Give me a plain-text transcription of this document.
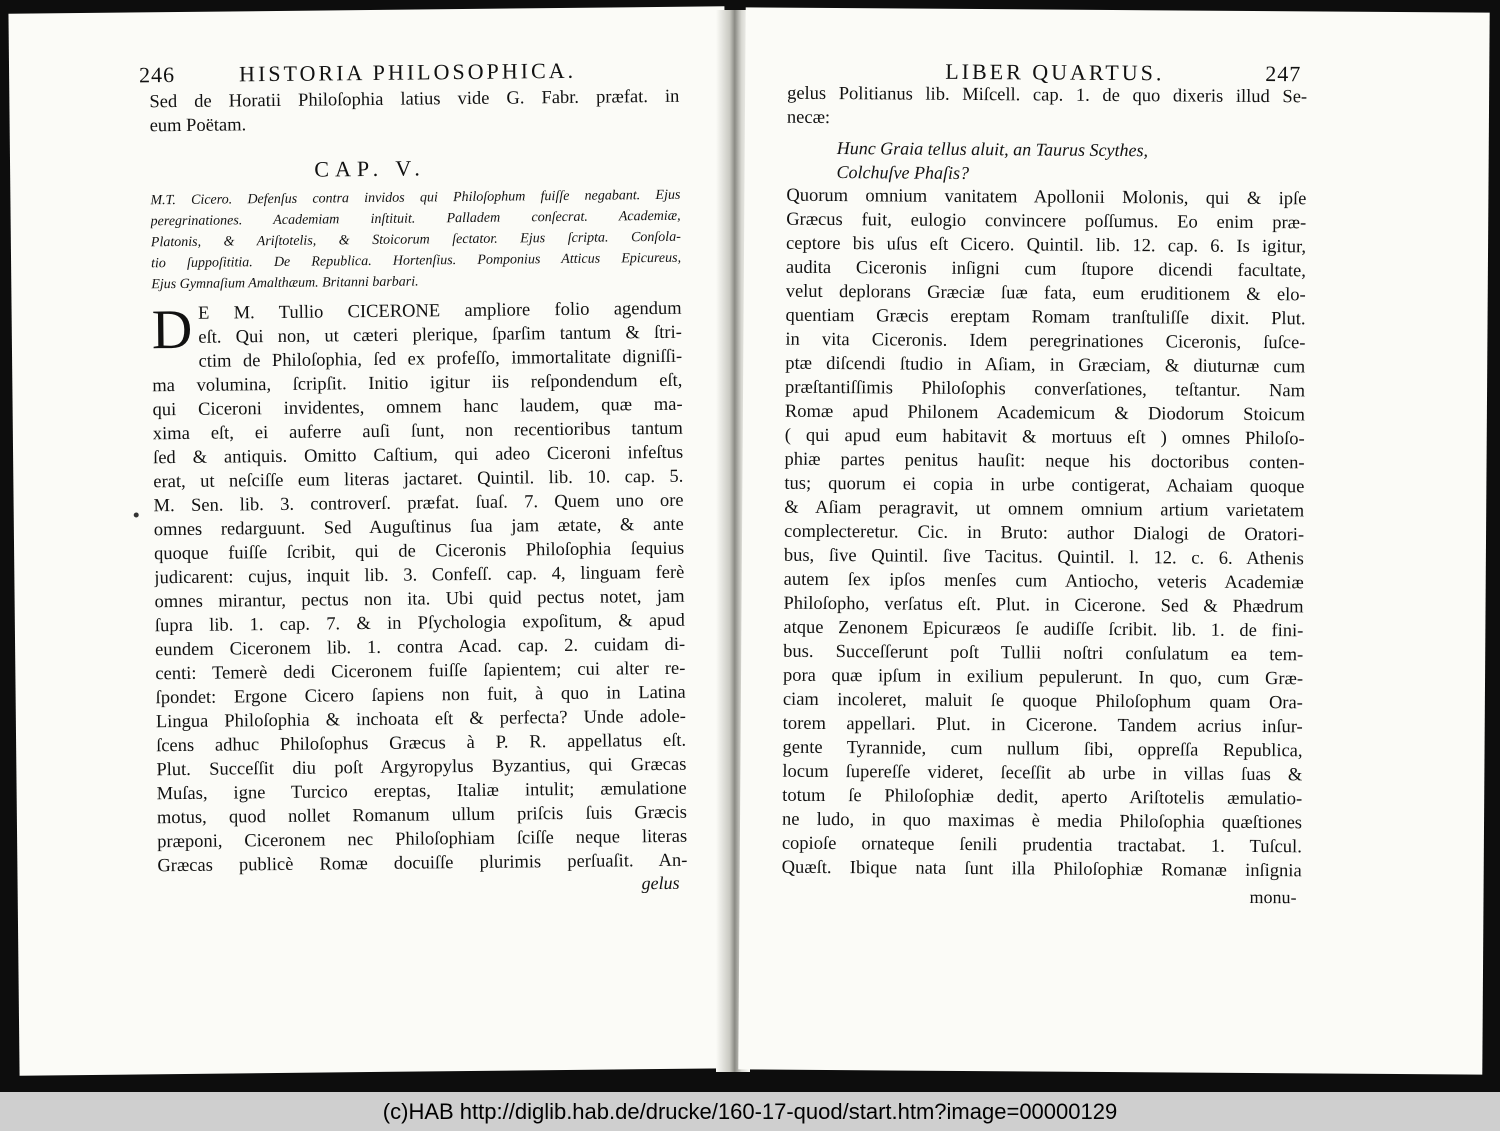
246	HISTORIA PHILOSOPHICA.
Sed de Horatii Philoſophia latius vide G. Fabr. præfat. in
eum Poëtam.
CAP. V.
M.T. Cicero. Defenſus contra invidos qui Philoſophum fuiſſe negabant. Ejus
peregrinationes. Academiam inſtituit. Palladem conſecrat. Academiæ,
Platonis, & Ariſtotelis, & Stoicorum ſectator. Ejus ſcripta. Conſola-
tio ſuppoſititia. De Republica. Hortenſius. Pomponius Atticus Epicureus,
Ejus Gymnaſium Amalthæum. Britanni barbari.
D E M. Tullio CICERONE ampliore folio agendum
eſt. Qui non, ut cæteri plerique, ſparſim tantum & ſtri-
ctim de Philoſophia, ſed ex profeſſo, immortalitate digniſſi-
ma volumina, ſcripſit. Initio igitur iis reſpondendum eſt,
qui Ciceroni invidentes, omnem hanc laudem, quæ ma-
xima eſt, ei auferre auſi ſunt, non recentioribus tantum
ſed & antiquis. Omitto Caſtium, qui adeo Ciceroni infeſtus
erat, ut neſciſſe eum literas jactaret. Quintil. lib. 10. cap. 5.
M. Sen. lib. 3. controverſ. præfat. ſuaſ. 7. Quem uno ore
omnes redarguunt. Sed Auguſtinus ſua jam ætate, & ante
quoque fuiſſe ſcribit, qui de Ciceronis Philoſophia ſequius
judicarent: cujus, inquit lib. 3. Confeſſ. cap. 4, linguam ferè
omnes mirantur, pectus non ita. Ubi quid pectus notet, jam
ſupra lib. 1. cap. 7. & in Pſychologia expoſitum, & apud
eundem Ciceronem lib. 1. contra Acad. cap. 2. cuidam di-
centi: Temerè dedi Ciceronem fuiſſe ſapientem; cui alter re-
ſpondet: Ergone Cicero ſapiens non fuit, à quo in Latina
Lingua Philoſophia & inchoata eſt & perfecta? Unde adole-
ſcens adhuc Philoſophus Græcus à P. R. appellatus eſt.
Plut. Succeſſit diu poſt Argyropylus Byzantius, qui Græcas
Muſas, igne Turcico ereptas, Italiæ intulit; æmulatione
motus, quod nollet Romanum ullum priſcis ſuis Græcis
præponi, Ciceronem nec Philoſophiam ſciſſe neque literas
Græcas publicè Romæ docuiſſe plurimis perſuaſit. An-
gelus
LIBER QUARTUS.	247
gelus Politianus lib. Miſcell. cap. 1. de quo dixeris illud Se-
necæ:
Hunc Graia tellus aluit, an Taurus Scythes,
Colchuſve Phaſis?
Quorum omnium vanitatem Apollonii Molonis, qui & ipſe
Græcus fuit, eulogio convincere poſſumus. Eo enim præ-
ceptore bis uſus eſt Cicero. Quintil. lib. 12. cap. 6. Is igitur,
audita Ciceronis inſigni cum ſtupore dicendi facultate,
velut deplorans Græciæ ſuæ fata, eum eruditionem & elo-
quentiam Græcis ereptam Romam tranſtuliſſe dixit. Plut.
in vita Ciceronis. Idem peregrinationes Ciceronis, ſuſce-
ptæ diſcendi ſtudio in Aſiam, in Græciam, & diuturnæ cum
præſtantiſſimis Philoſophis converſationes, teſtantur. Nam
Romæ apud Philonem Academicum & Diodorum Stoicum
( qui apud eum habitavit & mortuus eſt ) omnes Philoſo-
phiæ partes penitus hauſit: neque his doctoribus conten-
tus; quorum ei copia in urbe contigerat, Achaiam quoque
& Aſiam peragravit, ut omnem omnium artium varietatem
complecteretur. Cic. in Bruto: author Dialogi de Oratori-
bus, ſive Quintil. ſive Tacitus. Quintil. l. 12. c. 6. Athenis
autem ſex ipſos menſes cum Antiocho, veteris Academiæ
Philoſopho, verſatus eſt. Plut. in Cicerone. Sed & Phædrum
atque Zenonem Epicuræos ſe audiſſe ſcribit. lib. 1. de fini-
bus. Succeſſerunt poſt Tullii noſtri conſulatum ea tem-
pora quæ ipſum in exilium pepulerunt. In quo, cum Græ-
ciam incoleret, maluit ſe quoque Philoſophum quam Ora-
torem appellari. Plut. in Cicerone. Tandem acrius inſur-
gente Tyrannide, cum nullum ſibi, oppreſſa Republica,
locum ſupereſſe videret, ſeceſſit ab urbe in villas ſuas &
totum ſe Philoſophiæ dedit, aperto Ariſtotelis æmulatio-
ne ludo, in quo maximas è media Philoſophia quæſtiones
copioſe ornateque ſenili prudentia tractabat. 1. Tuſcul.
Quæſt. Ibique nata ſunt illa Philoſophiæ Romanæ inſignia
monu-
(c)HAB http://diglib.hab.de/drucke/160-17-quod/start.htm?image=00000129
